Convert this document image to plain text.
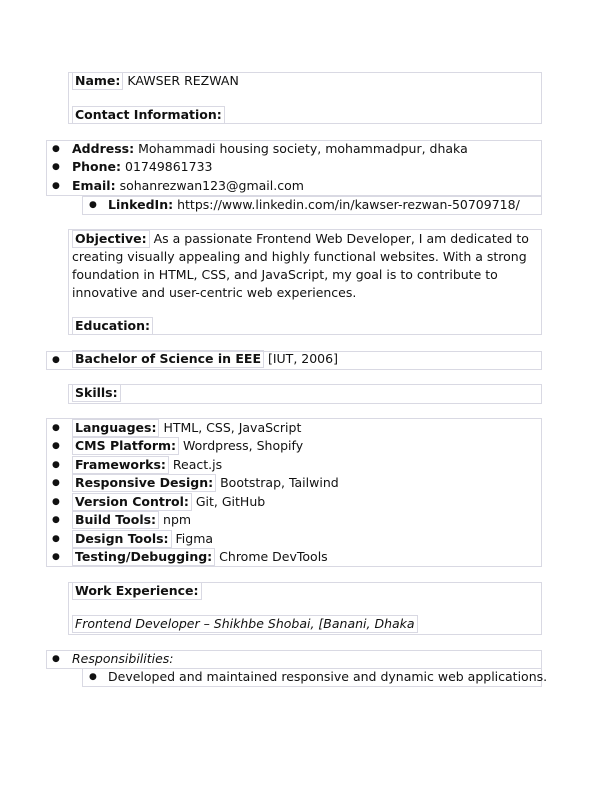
Name: KAWSER REZWAN
Contact Information:
● Address: Mohammadi housing society, mohammadpur, dhaka
● Phone: 01749861733
● Email: sohanrezwan123@gmail.com
● LinkedIn: https://www.linkedin.com/in/kawser-rezwan-50709718/
Objective: As a passionate Frontend Web Developer, I am dedicated to creating visually appealing and highly functional websites. With a strong foundation in HTML, CSS, and JavaScript, my goal is to contribute to innovative and user-centric web experiences.
Education:
● Bachelor of Science in EEE [IUT, 2006]
Skills:
● Languages: HTML, CSS, JavaScript
● CMS Platform: Wordpress, Shopify
● Frameworks: React.js
● Responsive Design: Bootstrap, Tailwind
● Version Control: Git, GitHub
● Build Tools: npm
● Design Tools: Figma
● Testing/Debugging: Chrome DevTools
Work Experience:
Frontend Developer – Shikhbe Shobai, [Banani, Dhaka
● Responsibilities:
● Developed and maintained responsive and dynamic web applications.
